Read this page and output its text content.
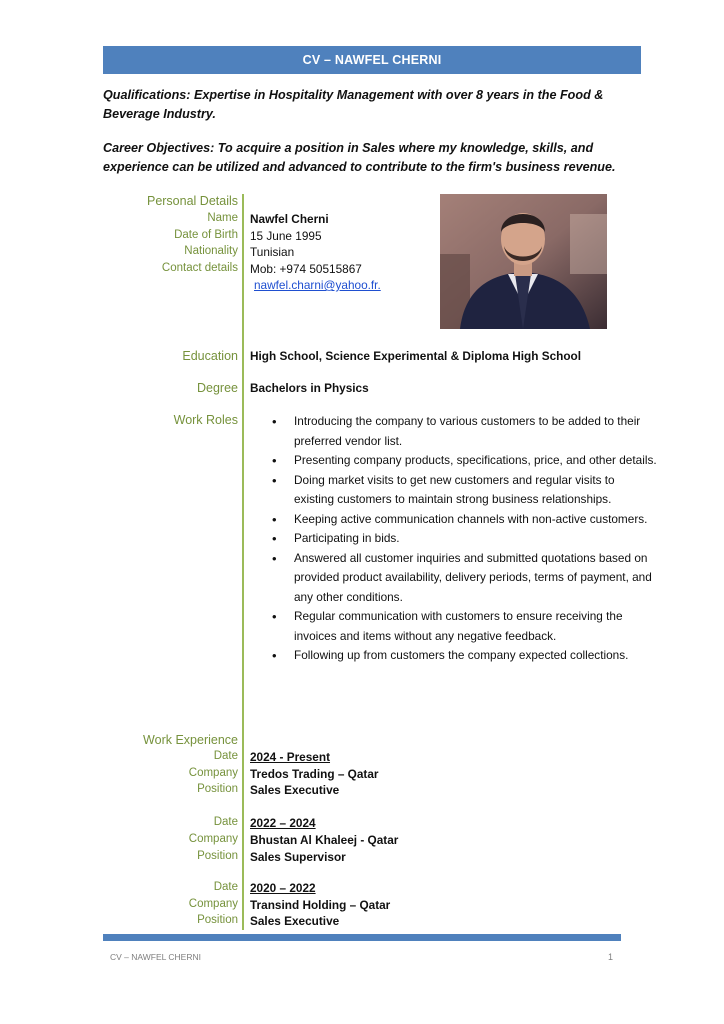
CV – NAWFEL CHERNI

Qualifications: Expertise in Hospitality Management with over 8 years in the Food & Beverage Industry.

Career Objectives: To acquire a position in Sales where my knowledge, skills, and experience can be utilized and advanced to contribute to the firm's business revenue.

Personal Details
Name Nawfel Cherni
Date of Birth 15 June 1995
Nationality Tunisian
Contact details Mob: +974 50515867
nawfel.charni@yahoo.fr.
Education High School, Science Experimental & Diploma High School
Degree Bachelors in Physics
Work Roles	• Introducing the company to various customers to be added to their preferred vendor list.
• Presenting company products, specifications, price, and other details.
• Doing market visits to get new customers and regular visits to existing customers to maintain strong business relationships.
• Keeping active communication channels with non-active customers.
• Participating in bids.
• Answered all customer inquiries and submitted quotations based on provided product availability, delivery periods, terms of payment, and any other conditions.
• Regular communication with customers to ensure receiving the invoices and items without any negative feedback.
• Following up from customers the company expected collections.
Work Experience
Date 2024 - Present
Company Tredos Trading – Qatar
Position Sales Executive
Date 2022 – 2024
Company Bhustan Al Khaleej - Qatar
Position Sales Supervisor
Date 2020 – 2022
Company Transind Holding – Qatar
Position Sales Executive
CV – NAWFEL CHERNI	1
